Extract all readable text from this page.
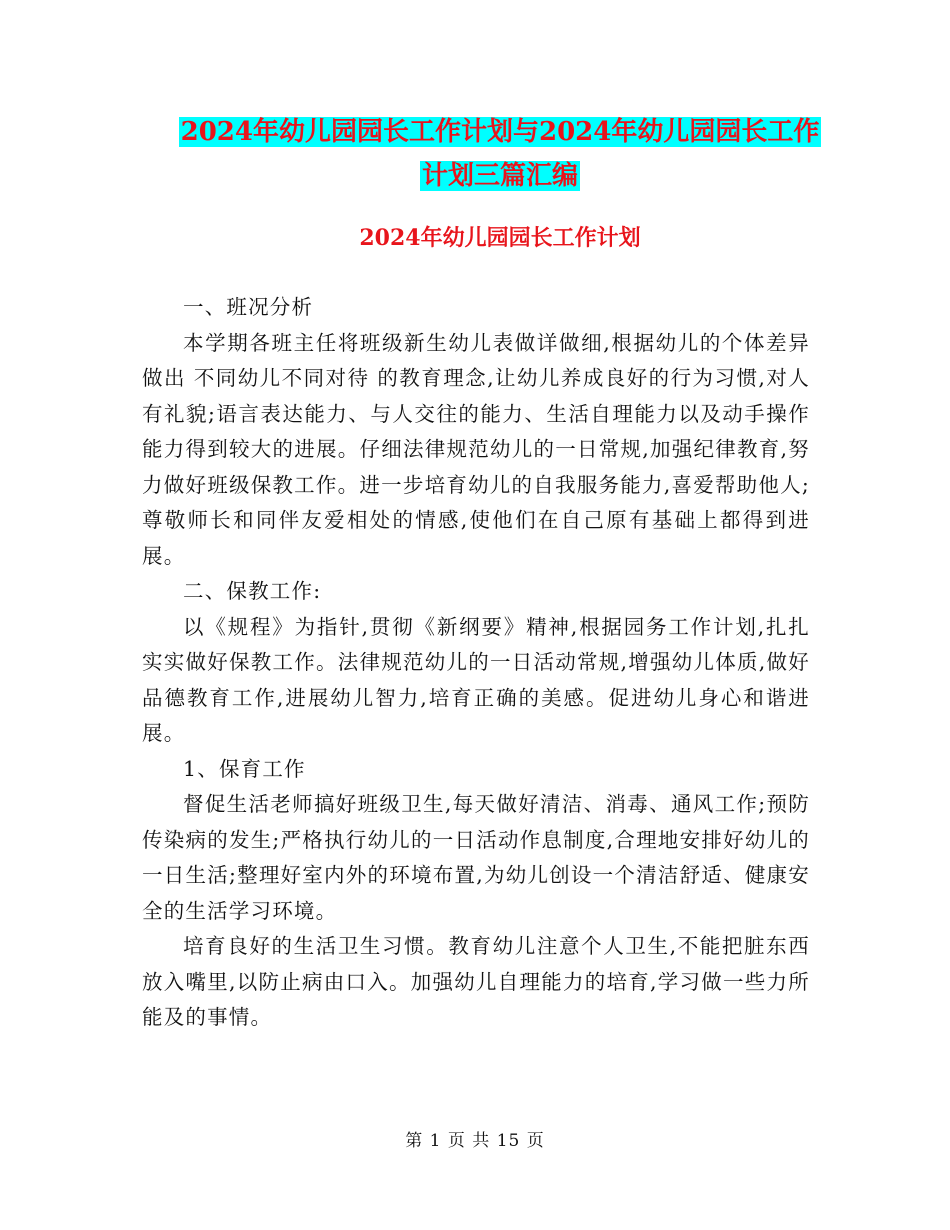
2024年幼儿园园长工作计划与2024年幼儿园园长工作
计划三篇汇编
2024年幼儿园园长工作计划

一、班况分析

本学期各班主任将班级新生幼儿表做详做细,根据幼儿的个体差异做出 不同幼儿不同对待 的教育理念,让幼儿养成良好的行为习惯,对人有礼貌;语言表达能力、与人交往的能力、生活自理能力以及动手操作能力得到较大的进展。仔细法律规范幼儿的一日常规,加强纪律教育,努力做好班级保教工作。进一步培育幼儿的自我服务能力,喜爱帮助他人;尊敬师长和同伴友爱相处的情感,使他们在自己原有基础上都得到进展。

二、保教工作:

以《规程》为指针,贯彻《新纲要》精神,根据园务工作计划,扎扎实实做好保教工作。法律规范幼儿的一日活动常规,增强幼儿体质,做好品德教育工作,进展幼儿智力,培育正确的美感。促进幼儿身心和谐进展。

1、保育工作

督促生活老师搞好班级卫生,每天做好清洁、消毒、通风工作;预防传染病的发生;严格执行幼儿的一日活动作息制度,合理地安排好幼儿的一日生活;整理好室内外的环境布置,为幼儿创设一个清洁舒适、健康安全的生活学习环境。

培育良好的生活卫生习惯。教育幼儿注意个人卫生,不能把脏东西放入嘴里,以防止病由口入。加强幼儿自理能力的培育,学习做一些力所能及的事情。

第 1 页 共 15 页
